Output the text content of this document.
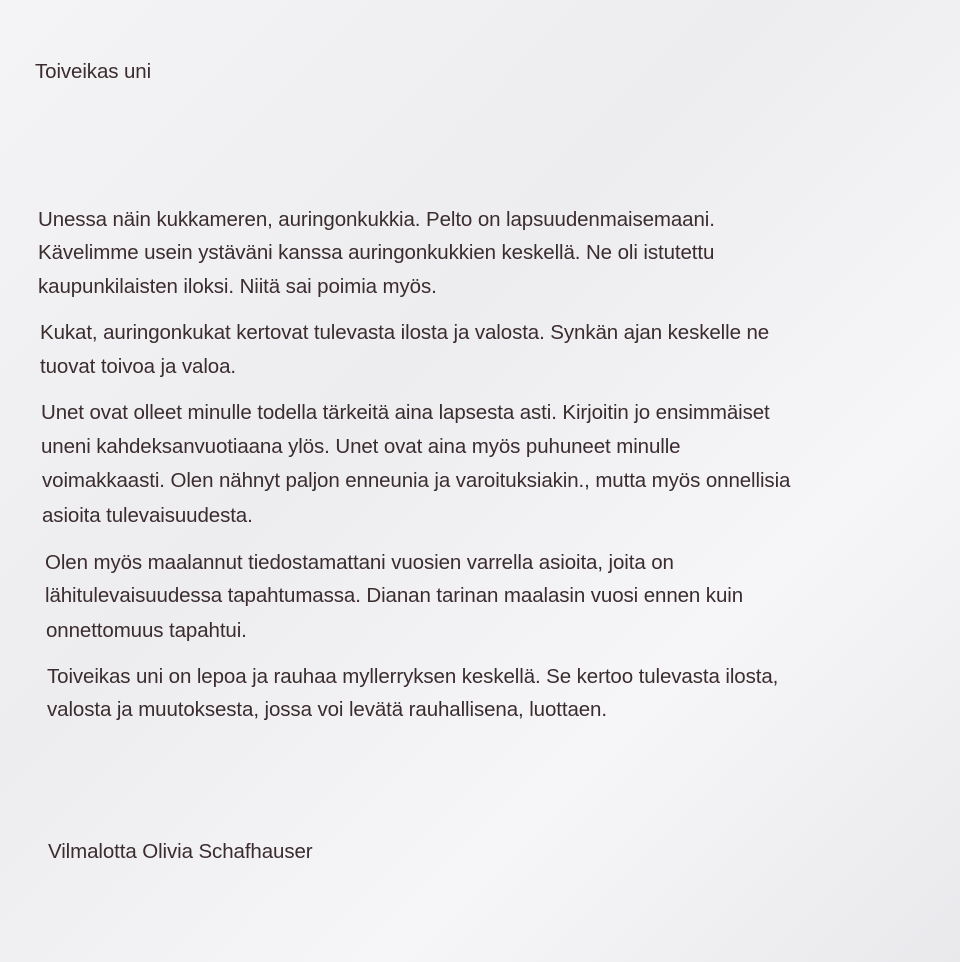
Toiveikas uni
Unessa näin kukkameren, auringonkukkia. Pelto on lapsuudenmaisemaani.
Kävelimme usein ystäväni kanssa auringonkukkien keskellä. Ne oli istutettu
kaupunkilaisten iloksi. Niitä sai poimia myös.
Kukat, auringonkukat kertovat tulevasta ilosta ja valosta. Synkän ajan keskelle ne
tuovat toivoa ja valoa.
Unet ovat olleet minulle todella tärkeitä aina lapsesta asti. Kirjoitin jo ensimmäiset
uneni kahdeksanvuotiaana ylös. Unet ovat aina myös puhuneet minulle
voimakkaasti. Olen nähnyt paljon enneunia ja varoituksiakin., mutta myös onnellisia
asioita tulevaisuudesta.
Olen myös maalannut tiedostamattani vuosien varrella asioita, joita on
lähitulevaisuudessa tapahtumassa. Dianan tarinan maalasin vuosi ennen kuin
onnettomuus tapahtui.
Toiveikas uni on lepoa ja rauhaa myllerryksen keskellä. Se kertoo tulevasta ilosta,
valosta ja muutoksesta, jossa voi levätä rauhallisena, luottaen.
Vilmalotta Olivia Schafhauser
